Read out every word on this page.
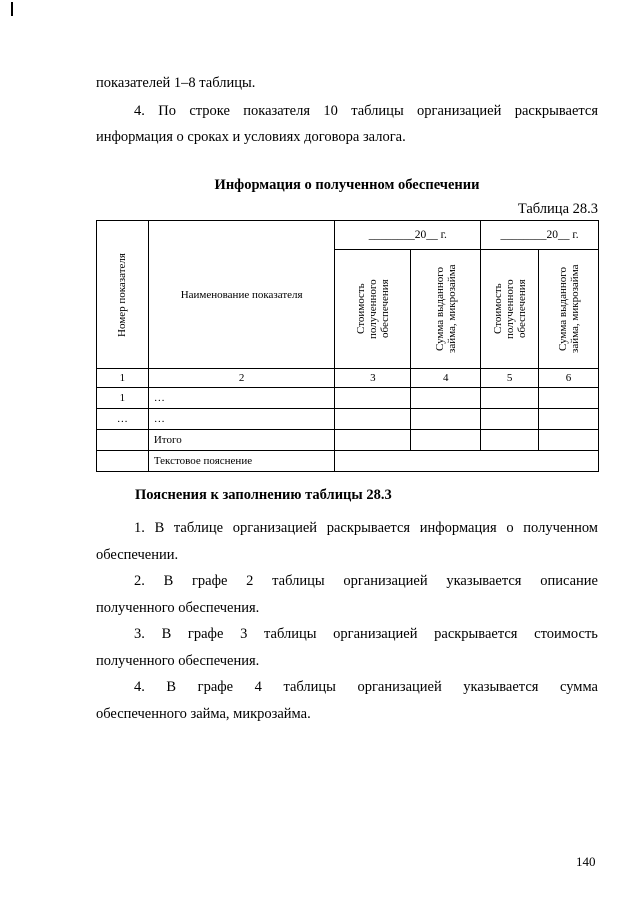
показателей 1–8 таблицы.
4. По строке показателя 10 таблицы организацией раскрывается информация о сроках и условиях договора залога.
Информация о полученном обеспечении
Таблица 28.3
Номер показателя	Наименование показателя	________20__ г.		________20__ г.	

		Стоимость полученного обеспечения	Сумма выданного займа, микрозайма	Стоимость полученного обеспечения	Сумма выданного займа, микрозайма

1	2	3	4	5	6
1	…				
…	…				
	Итого				
	Текстовое пояснение				
Пояснения к заполнению таблицы 28.3
1. В таблице организацией раскрывается информация о полученном
обеспечении.
2. В графе 2 таблицы организацией указывается описание
полученного обеспечения.
3. В графе 3 таблицы организацией раскрывается стоимость
полученного обеспечения.
4. В графе 4 таблицы организацией указывается сумма
обеспеченного займа, микрозайма.
140
